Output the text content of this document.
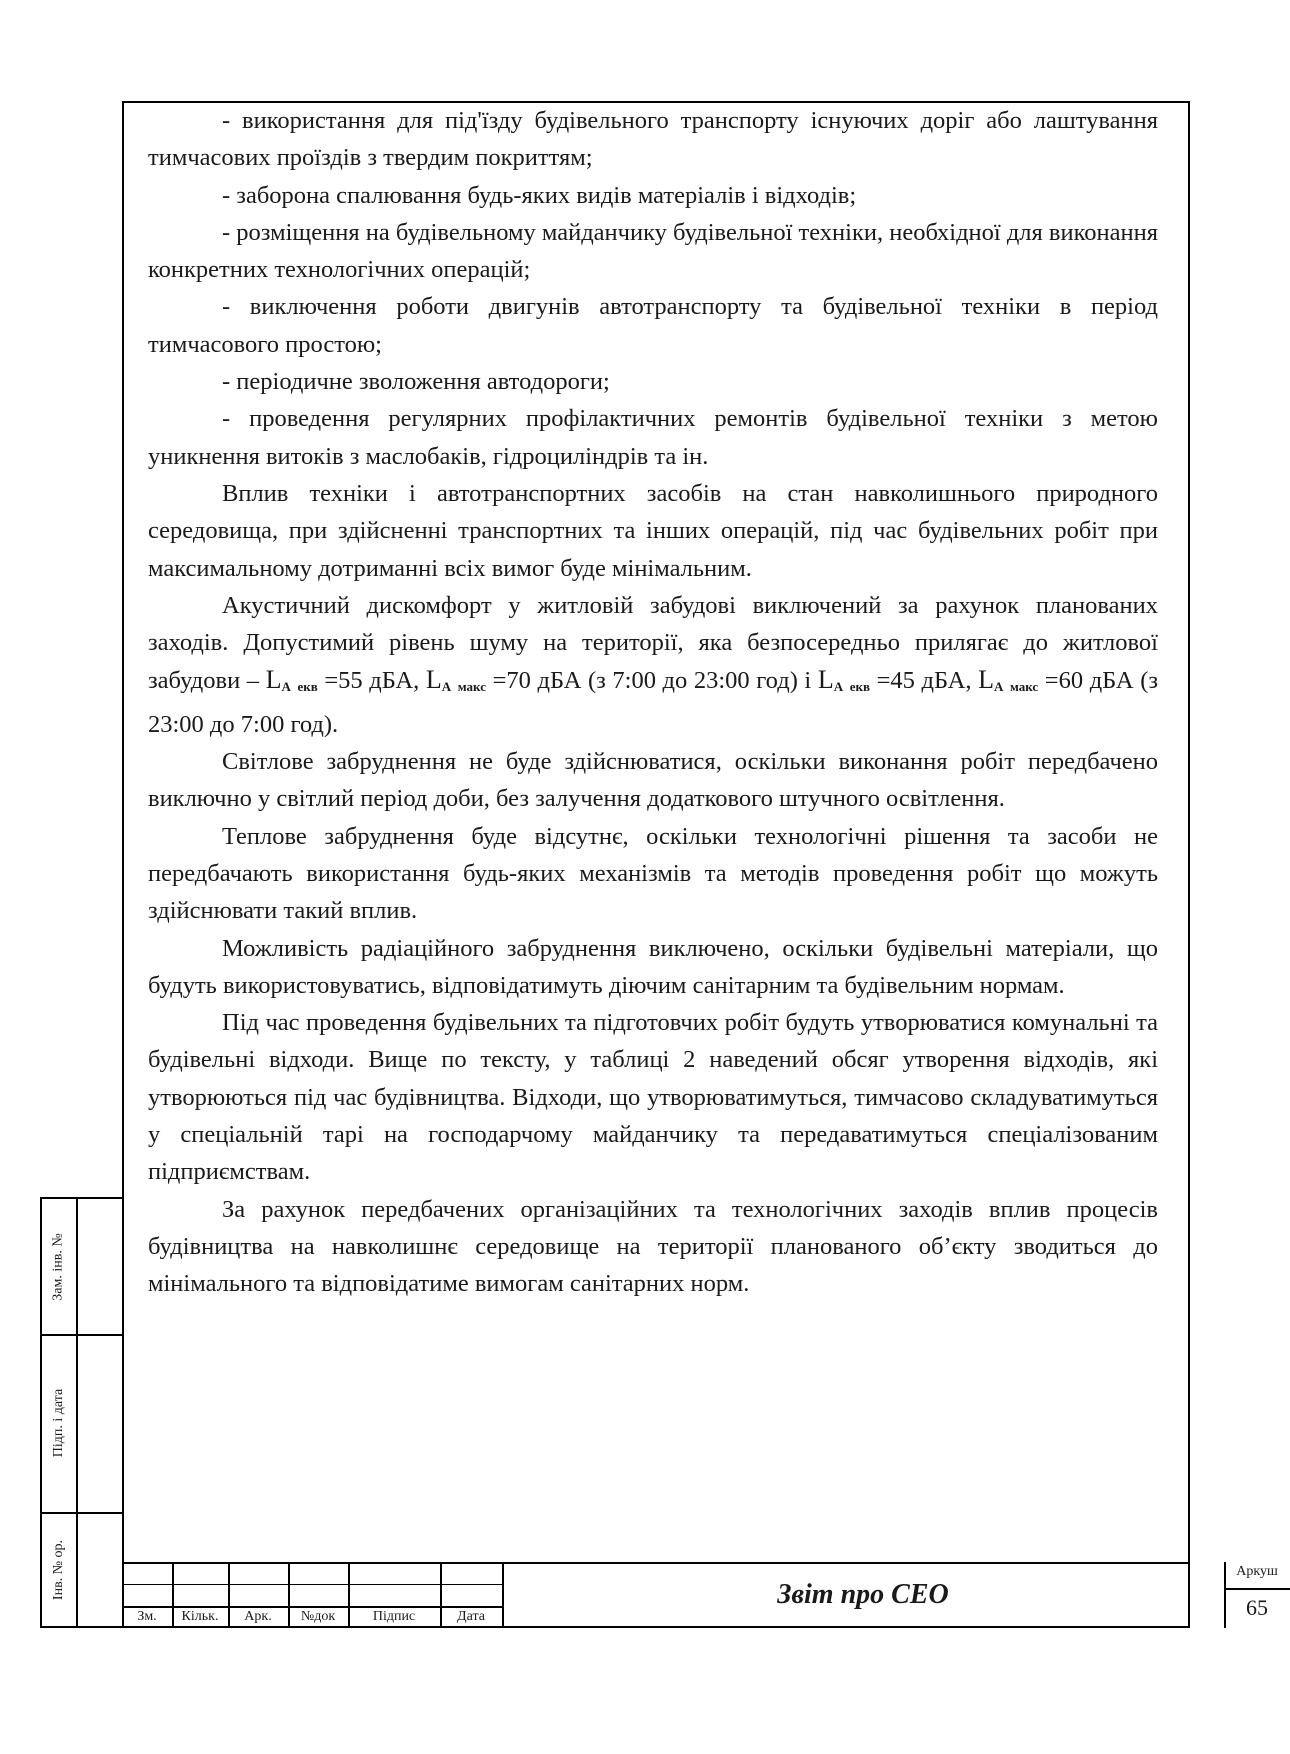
- використання для під'їзду будівельного транспорту існуючих доріг або лаштування тимчасових проїздів з твердим покриттям;

- заборона спалювання будь-яких видів матеріалів і відходів;

- розміщення на будівельному майданчику будівельної техніки, необхідної для виконання конкретних технологічних операцій;

- виключення роботи двигунів автотранспорту та будівельної техніки в період тимчасового простою;

- періодичне зволоження автодороги;

- проведення регулярних профілактичних ремонтів будівельної техніки з метою уникнення витоків з маслобаків, гідроциліндрів та ін.

Вплив техніки і автотранспортних засобів на стан навколишнього природного середовища, при здійсненні транспортних та інших операцій, під час будівельних робіт при максимальному дотриманні всіх вимог буде мінімальним.

Акустичний дискомфорт у житловій забудові виключений за рахунок планованих заходів. Допустимий рівень шуму на території, яка безпосередньо прилягає до житлової забудови – $L_A$ $_{екв}$ =55 дБА, $L_A$ $_{макс}$ =70 дБА (з 7:00 до 23:00 год) і $L_A$ $_{екв}$ =45 дБА, $L_A$ $_{макс}$ =60 дБА (з 23:00 до 7:00 год).

Світлове забруднення не буде здійснюватися, оскільки виконання робіт передбачено виключно у світлий період доби, без залучення додаткового штучного освітлення.

Теплове забруднення буде відсутнє, оскільки технологічні рішення та засоби не передбачають використання будь-яких механізмів та методів проведення робіт що можуть здійснювати такий вплив.

Можливість радіаційного забруднення виключено, оскільки будівельні матеріали, що будуть використовуватись, відповідатимуть діючим санітарним та будівельним нормам.

Під час проведення будівельних та підготовчих робіт будуть утворюватися комунальні та будівельні відходи. Вище по тексту, у таблиці 2 наведений обсяг утворення відходів, які утворюються під час будівництва. Відходи, що утворюватимуться, тимчасово складуватимуться у спеціальній тарі на господарчому майданчику та передаватимуться спеціалізованим підприємствам.

За рахунок передбачених організаційних та технологічних заходів вплив процесів будівництва на навколишнє середовище на території планованого об’єкту зводиться до мінімального та відповідатиме вимогам санітарних норм.

Зам. інв. №
Підп. і дата
Інв. № ор.
Зм.	Кільк.	Арк.	№док	Підпис	Дата
Звіт про СЕО
Аркуш
65
